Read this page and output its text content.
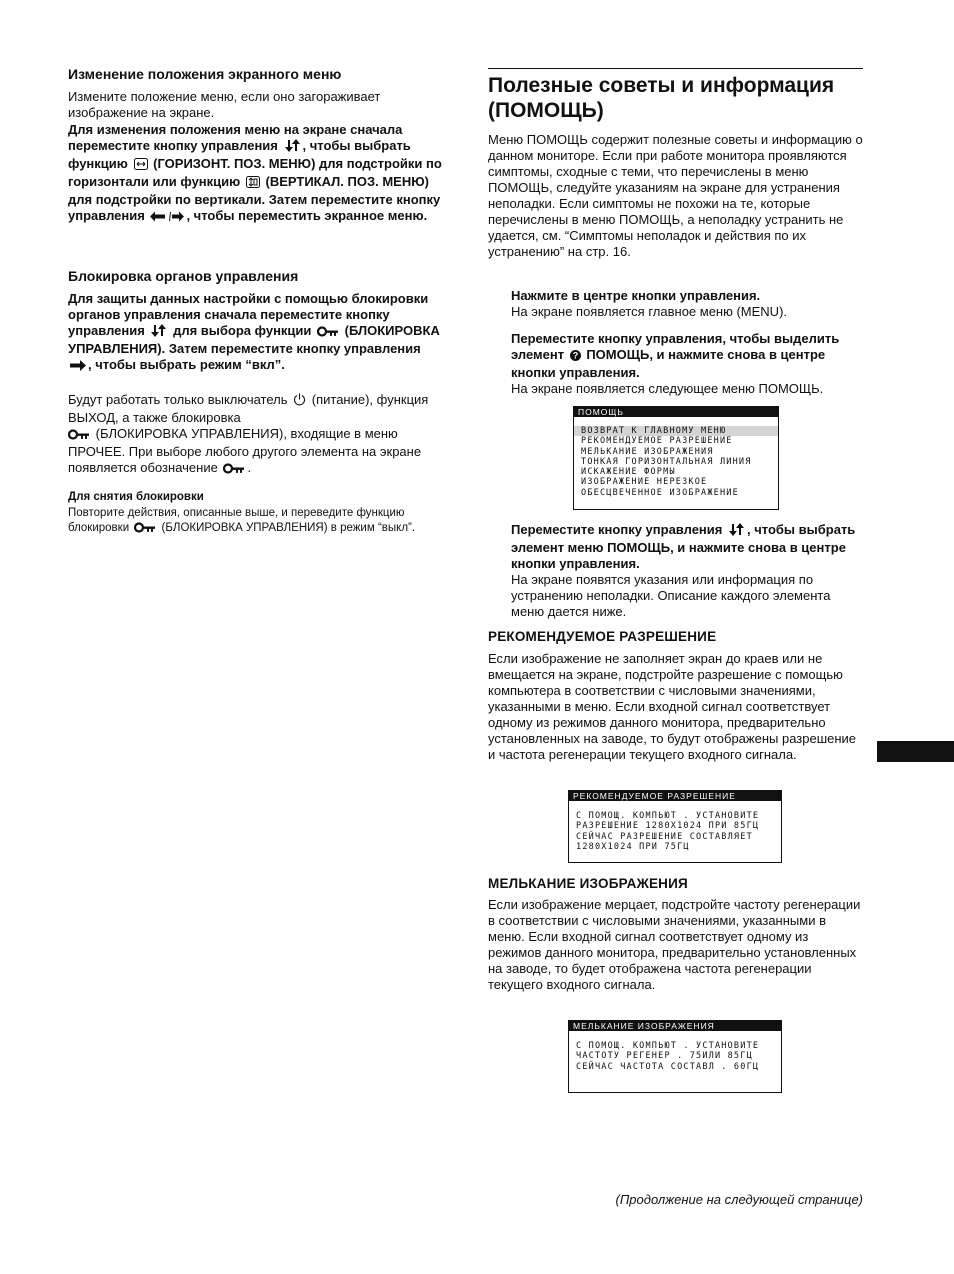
Изменение положения экранного меню

Измените положение меню, если оно загораживает изображение на экране.

Для изменения положения меню на экране сначала переместите кнопку управления , чтобы выбрать функцию (ГОРИЗОНТ. ПОЗ. МЕНЮ) для подстройки по горизонтали или функцию (ВЕРТИКАЛ. ПОЗ. МЕНЮ) для подстройки по вертикали. Затем переместите кнопку управления	, чтобы переместить экранное меню.

Блокировка органов управления

Для защиты данных настройки с помощью блокировки органов управления сначала переместите кнопку управления для выбора функции	(БЛОКИРОВКА УПРАВЛЕНИЯ). Затем переместите кнопку управления , чтобы выбрать режим “вкл”.

Будут работать только выключатель (питание), функция ВЫХОД, а также блокировка
(БЛОКИРОВКА УПРАВЛЕНИЯ), входящие в меню ПРОЧЕЕ. При выборе любого другого элемента на экране появляется обозначение .

Для снятия блокировки

Повторите действия, описанные выше, и переведите функцию блокировки	(БЛОКИРОВКА УПРАВЛЕНИЯ) в режим “выкл”.

Полезные советы и информация
(ПОМОЩЬ)

Меню ПОМОЩЬ содержит полезные советы и информацию о данном мониторе. Если при работе монитора проявляются симптомы, сходные с теми, что перечислены в меню ПОМОЩЬ, следуйте указаниям на экране для устранения неполадки. Если симптомы не похожи на те, которые перечислены в меню ПОМОЩЬ, а неполадку устранить не удается, см. “Симптомы неполадок и действия по их устранению” на стр. 16.

Нажмите в центре кнопки управления.
На экране появляется главное меню (MENU).

Переместите кнопку управления, чтобы выделить элемент ? ПОМОЩЬ, и нажмите снова в центре кнопки управления.
На экране появляется следующее меню ПОМОЩЬ.

Переместите кнопку управления , чтобы выбрать элемент меню ПОМОЩЬ, и нажмите снова в центре кнопки управления.
На экране появятся указания или информация по устранению неполадки. Описание каждого элемента меню дается ниже.

РЕКОМЕНДУЕМОЕ РАЗРЕШЕНИЕ

Если изображение не заполняет экран до краев или не вмещается на экране, подстройте разрешение с помощью компьютера в соответствии с числовыми значениями, указанными в меню. Если входной сигнал соответствует одному из режимов данного монитора, предварительно установленных на заводе, то будут отображены разрешение и частота регенерации текущего входного сигнала.

МЕЛЬКАНИЕ ИЗОБРАЖЕНИЯ

Если изображение мерцает, подстройте частоту регенерации в соответствии с числовыми значениями, указанными в меню. Если входной сигнал соответствует одному из режимов данного монитора, предварительно установленных на заводе, то будет отображена частота регенерации текущего входного сигнала.

ПОМОЩЬ
ВОЗВРАТ К ГЛАВНОМУ МЕНЮ
РЕКОМЕНДУЕМОЕ РАЗРЕШЕНИЕ
МЕЛЬКАНИЕ ИЗОБРАЖЕНИЯ
ТОНКАЯ ГОРИЗОНТАЛЬНАЯ ЛИНИЯ
ИСКАЖЕНИЕ ФОРМЫ
ИЗОБРАЖЕНИЕ НЕРЕЗКОЕ
ОБЕСЦВЕЧЕННОЕ ИЗОБРАЖЕНИЕ
РЕКОМЕНДУЕМОЕ РАЗРЕШЕНИЕ
С ПОМОЩ. КОМПЬЮТ . УСТАНОВИТЕ
РАЗРЕШЕНИЕ 1280X1024 ПРИ 85ГЦ
СЕЙЧАС РАЗРЕШЕНИЕ СОСТАВЛЯЕТ
1280X1024 ПРИ 75ГЦ
МЕЛЬКАНИЕ ИЗОБРАЖЕНИЯ
С ПОМОЩ. КОМПЬЮТ . УСТАНОВИТЕ
ЧАСТОТУ РЕГЕНЕР . 75ИЛИ 85ГЦ
СЕЙЧАС ЧАСТОТА СОСТАВЛ . 60ГЦ

(Продолжение на следующей странице)
